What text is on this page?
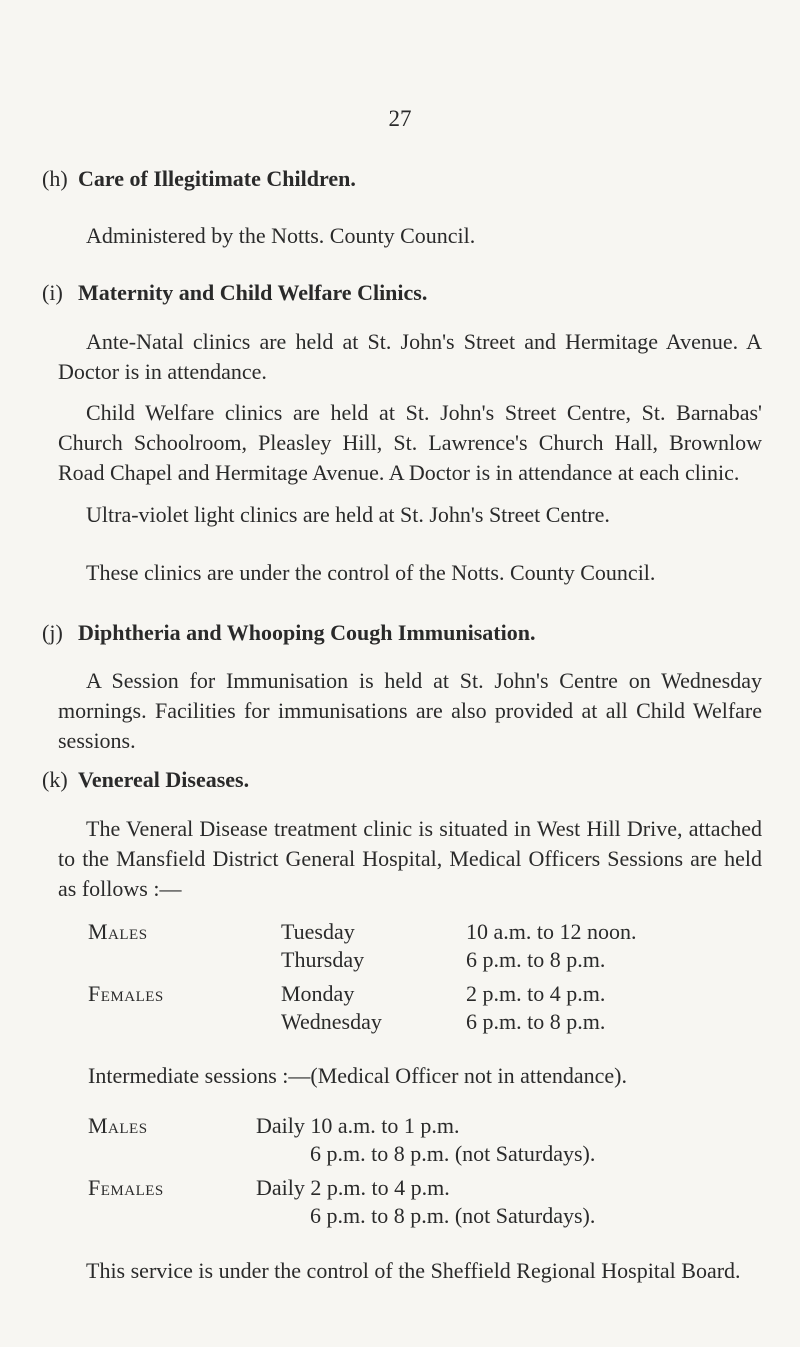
27
(h) Care of Illegitimate Children.
Administered by the Notts. County Council.
(i) Maternity and Child Welfare Clinics.
Ante-Natal clinics are held at St. John's Street and Hermitage Avenue. A Doctor is in attendance.
Child Welfare clinics are held at St. John's Street Centre, St. Barnabas' Church Schoolroom, Pleasley Hill, St. Lawrence's Church Hall, Brownlow Road Chapel and Hermitage Avenue. A Doctor is in attendance at each clinic.
Ultra-violet light clinics are held at St. John's Street Centre.
These clinics are under the control of the Notts. County Council.
(j) Diphtheria and Whooping Cough Immunisation.
A Session for Immunisation is held at St. John's Centre on Wednesday mornings. Facilities for immunisations are also provided at all Child Welfare sessions.
(k) Venereal Diseases.
The Veneral Disease treatment clinic is situated in West Hill Drive, attached to the Mansfield District General Hospital, Medical Officers Sessions are held as follows :—
Males	Tuesday	10 a.m. to 12 noon.
Thursday	6 p.m. to 8 p.m.
Females	Monday	2 p.m. to 4 p.m.
Wednesday	6 p.m. to 8 p.m.
Intermediate sessions :—(Medical Officer not in attendance).
Males	Daily 10 a.m. to 1 p.m.
6 p.m. to 8 p.m. (not Saturdays).
Females	Daily 2 p.m. to 4 p.m.
6 p.m. to 8 p.m. (not Saturdays).
This service is under the control of the Sheffield Regional Hospital Board.
